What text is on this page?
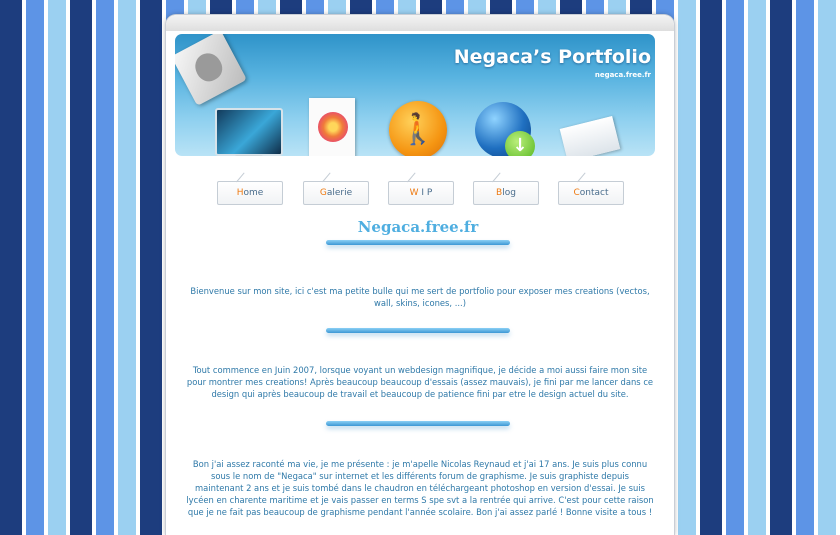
Negaca’s Portfolio
negaca.free.fr
🚶	↓
Home	Galerie	W I P	Blog	Contact
Negaca.free.fr
Bienvenue sur mon site, ici c'est ma petite bulle qui me sert de portfolio pour exposer mes creations (vectos, wall, skins, icones, ...)
Tout commence en Juin 2007, lorsque voyant un webdesign magnifique, je décide a moi aussi faire mon site pour montrer mes creations! Après beaucoup beaucoup d'essais (assez mauvais), je fini par me lancer dans ce design qui après beaucoup de travail et beaucoup de patience fini par etre le design actuel du site.
Bon j'ai assez raconté ma vie, je me présente : je m'apelle Nicolas Reynaud et j'ai 17 ans. Je suis plus connu sous le nom de "Negaca" sur internet et les différents forum de graphisme. Je suis graphiste depuis maintenant 2 ans et je suis tombé dans le chaudron en téléchargeant photoshop en version d'essai. Je suis lycéen en charente maritime et je vais passer en terms S spe svt a la rentrée qui arrive. C'est pour cette raison que je ne fait pas beaucoup de graphisme pendant l'année scolaire. Bon j'ai assez parlé ! Bonne visite a tous !
